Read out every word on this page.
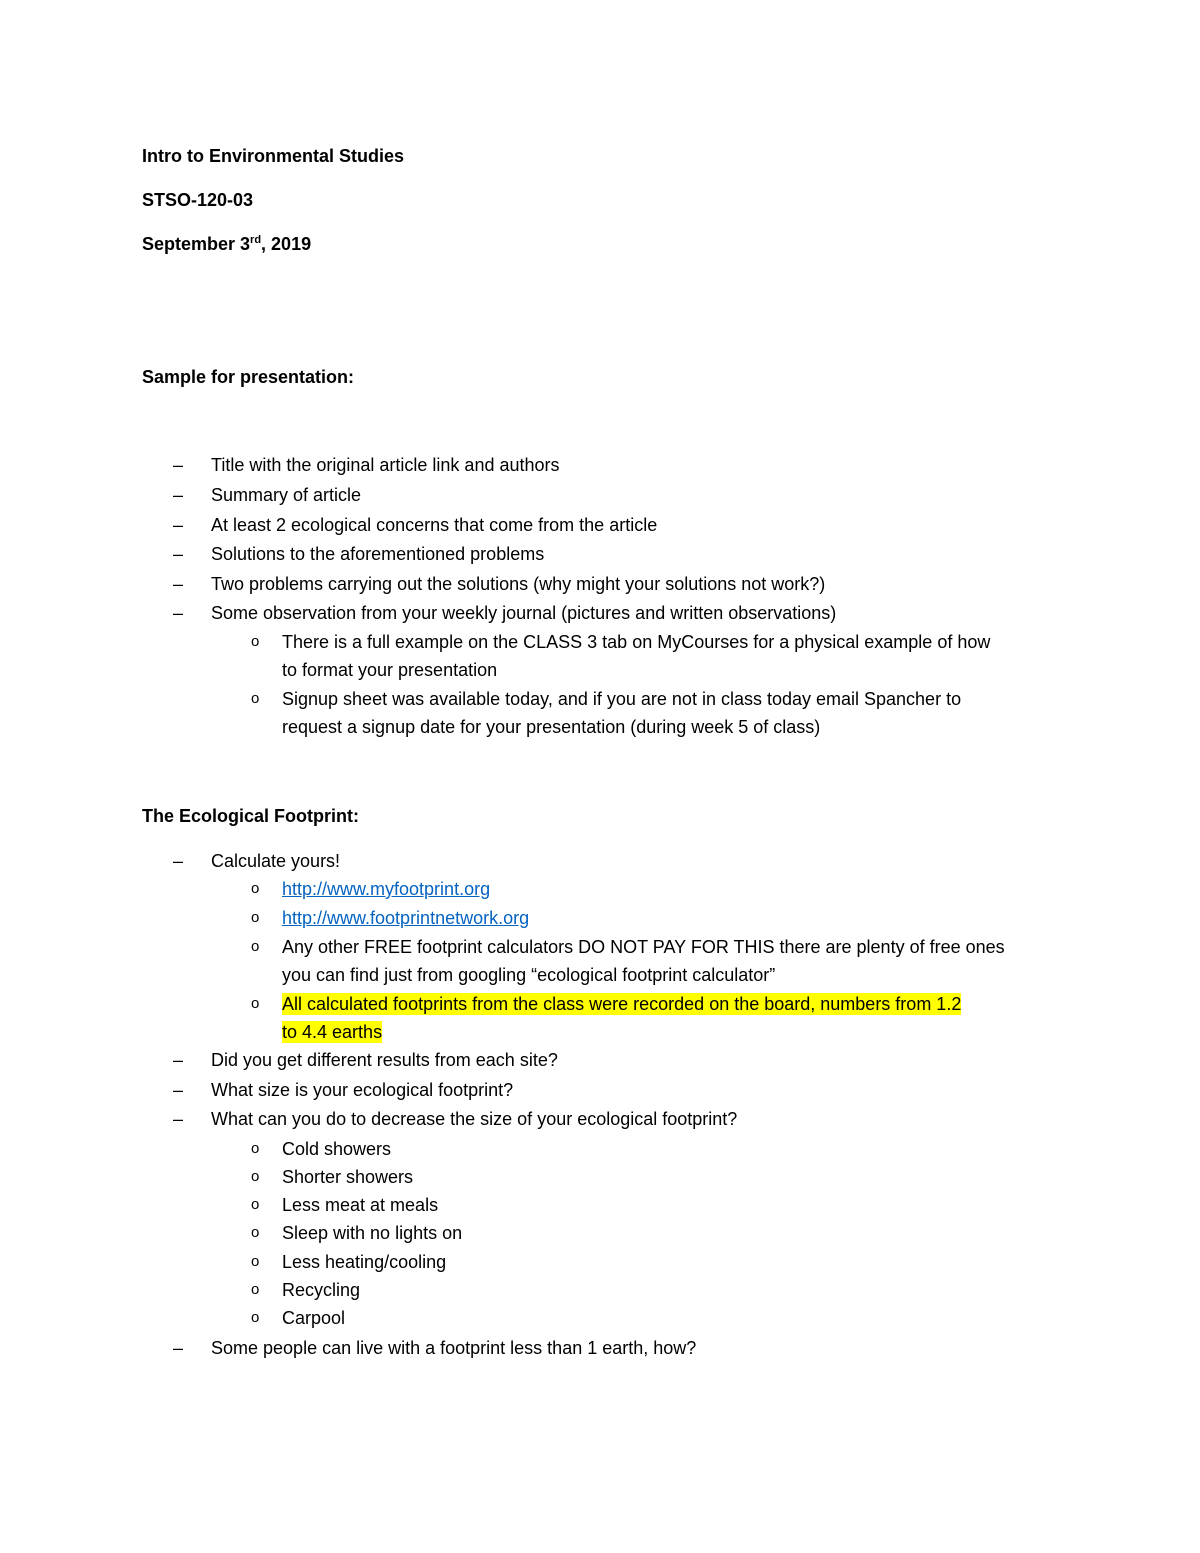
Intro to Environmental Studies
STSO-120-03
September 3rd, 2019
Sample for presentation:
–	Title with the original article link and authors
–	Summary of article
–	At least 2 ecological concerns that come from the article
–	Solutions to the aforementioned problems
–	Two problems carrying out the solutions (why might your solutions not work?)
–	Some observation from your weekly journal (pictures and written observations)
o	There is a full example on the CLASS 3 tab on MyCourses for a physical example of how
to format your presentation
o	Signup sheet was available today, and if you are not in class today email Spancher to
request a signup date for your presentation (during week 5 of class)
The Ecological Footprint:
–	Calculate yours!
o	http://www.myfootprint.org
o	http://www.footprintnetwork.org
o	Any other FREE footprint calculators DO NOT PAY FOR THIS there are plenty of free ones
you can find just from googling “ecological footprint calculator”
o	All calculated footprints from the class were recorded on the board, numbers from 1.2
to 4.4 earths
–	Did you get different results from each site?
–	What size is your ecological footprint?
–	What can you do to decrease the size of your ecological footprint?
o	Cold showers
o	Shorter showers
o	Less meat at meals
o	Sleep with no lights on
o	Less heating/cooling
o	Recycling
o	Carpool
–	Some people can live with a footprint less than 1 earth, how?
